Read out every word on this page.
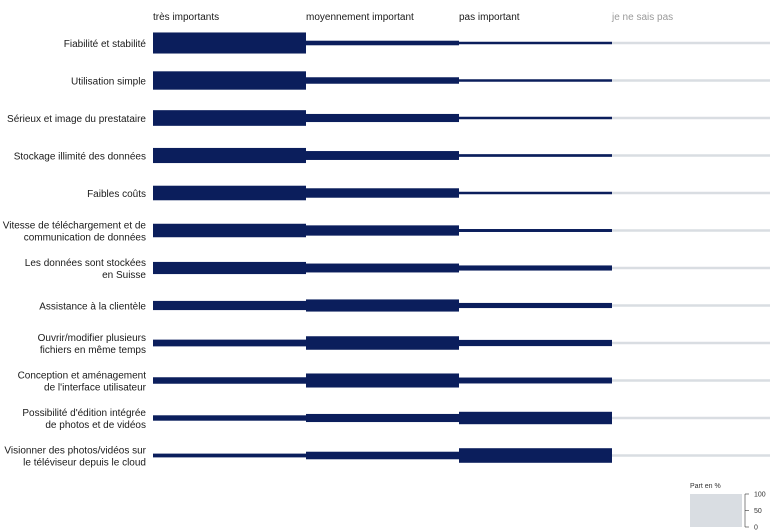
très importants	moyennement important	pas important	je ne sais pas
Fiabilité et stabilité
Utilisation simple
Sérieux et image du prestataire
Stockage illimité des données
Faibles coûts
Vitesse de téléchargement et de
communication de données
Les données sont stockées
en Suisse
Assistance à la clientèle
Ouvrir/modifier plusieurs
fichiers en même temps
Conception et aménagement
de l'interface utilisateur
Possibilité d'édition intégrée
de photos et de vidéos
Visionner des photos/vidéos sur
le téléviseur depuis le cloud
Part en %
100
50
0
